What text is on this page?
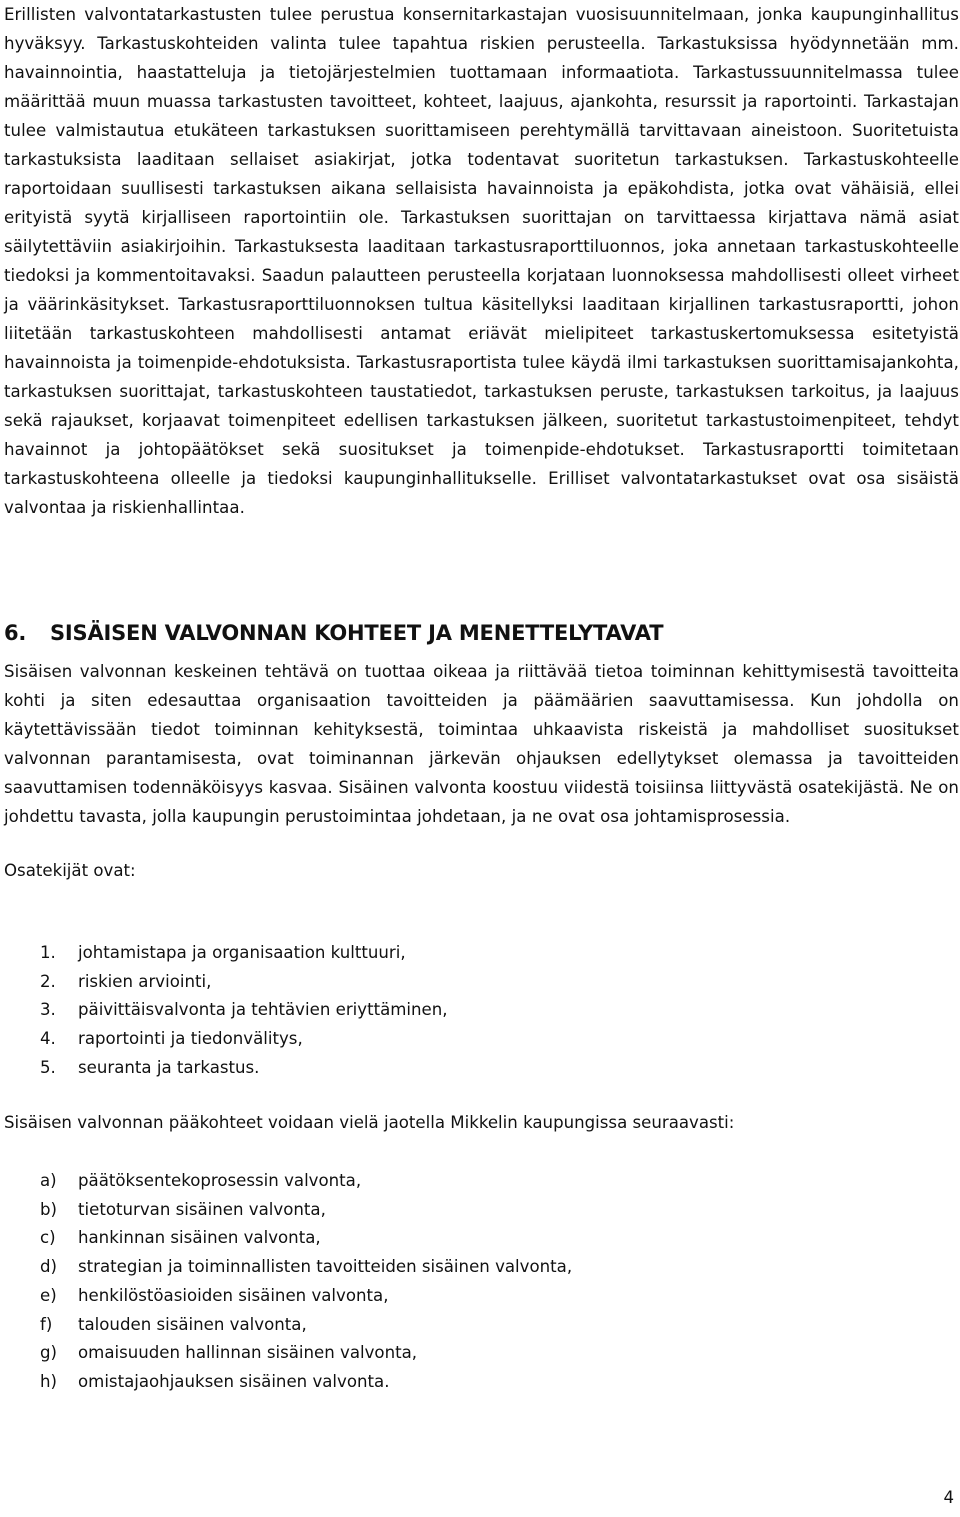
Erillisten valvontatarkastusten tulee perustua konsernitarkastajan vuosisuunnitelmaan, jonka kaupunginhallitus hyväksyy. Tarkastuskohteiden valinta tulee tapahtua riskien perusteella. Tarkastuksissa hyödynnetään mm. havainnointia, haastatteluja ja tietojärjestelmien tuottamaan informaatiota. Tarkastussuunnitelmassa tulee määrittää muun muassa tarkastusten tavoitteet, kohteet, laajuus, ajankohta, resurssit ja raportointi. Tarkastajan tulee valmistautua etukäteen tarkastuksen suorittamiseen perehtymällä tarvittavaan aineistoon. Suoritetuista tarkastuksista laaditaan sellaiset asiakirjat, jotka todentavat suoritetun tarkastuksen. Tarkastuskohteelle raportoidaan suullisesti tarkastuksen aikana sellaisista havainnoista ja epäkohdista, jotka ovat vähäisiä, ellei erityistä syytä kirjalliseen raportointiin ole. Tarkastuksen suorittajan on tarvittaessa kirjattava nämä asiat säilytettäviin asiakirjoihin. Tarkastuksesta laaditaan tarkastusraporttiluonnos, joka annetaan tarkastuskohteelle tiedoksi ja kommentoitavaksi. Saadun palautteen perusteella korjataan luonnoksessa mahdollisesti olleet virheet ja väärinkäsitykset. Tarkastusraporttiluonnoksen tultua käsitellyksi laaditaan kirjallinen tarkastusraportti, johon liitetään tarkastuskohteen mahdollisesti antamat eriävät mielipiteet tarkastuskertomuksessa esitetyistä havainnoista ja toimenpide-ehdotuksista. Tarkastusraportista tulee käydä ilmi tarkastuksen suorittamisajankohta, tarkastuksen suorittajat, tarkastuskohteen taustatiedot, tarkastuksen peruste, tarkastuksen tarkoitus, ja laajuus sekä rajaukset, korjaavat toimenpiteet edellisen tarkastuksen jälkeen, suoritetut tarkastustoimenpiteet, tehdyt havainnot ja johtopäätökset sekä suositukset ja toimenpide-ehdotukset. Tarkastusraportti toimitetaan tarkastuskohteena olleelle ja tiedoksi kaupunginhallitukselle. Erilliset valvontatarkastukset ovat osa sisäistä valvontaa ja riskienhallintaa.

6. SISÄISEN VALVONNAN KOHTEET JA MENETTELYTAVAT

Sisäisen valvonnan keskeinen tehtävä on tuottaa oikeaa ja riittävää tietoa toiminnan kehittymisestä tavoitteita kohti ja siten edesauttaa organisaation tavoitteiden ja päämäärien saavuttamisessa. Kun johdolla on käytettävissään tiedot toiminnan kehityksestä, toimintaa uhkaavista riskeistä ja mahdolliset suositukset valvonnan parantamisesta, ovat toiminannan järkevän ohjauksen edellytykset olemassa ja tavoitteiden saavuttamisen todennäköisyys kasvaa. Sisäinen valvonta koostuu viidestä toisiinsa liittyvästä osatekijästä. Ne on johdettu tavasta, jolla kaupungin perustoimintaa johdetaan, ja ne ovat osa johtamisprosessia.

Osatekijät ovat:

1. johtamistapa ja organisaation kulttuuri,
2. riskien arviointi,
3. päivittäisvalvonta ja tehtävien eriyttäminen,
4. raportointi ja tiedonvälitys,
5. seuranta ja tarkastus.

Sisäisen valvonnan pääkohteet voidaan vielä jaotella Mikkelin kaupungissa seuraavasti:

a) päätöksentekoprosessin valvonta,
b) tietoturvan sisäinen valvonta,
c) hankinnan sisäinen valvonta,
d) strategian ja toiminnallisten tavoitteiden sisäinen valvonta,
e) henkilöstöasioiden sisäinen valvonta,
f) talouden sisäinen valvonta,
g) omaisuuden hallinnan sisäinen valvonta,
h) omistajaohjauksen sisäinen valvonta.

4
